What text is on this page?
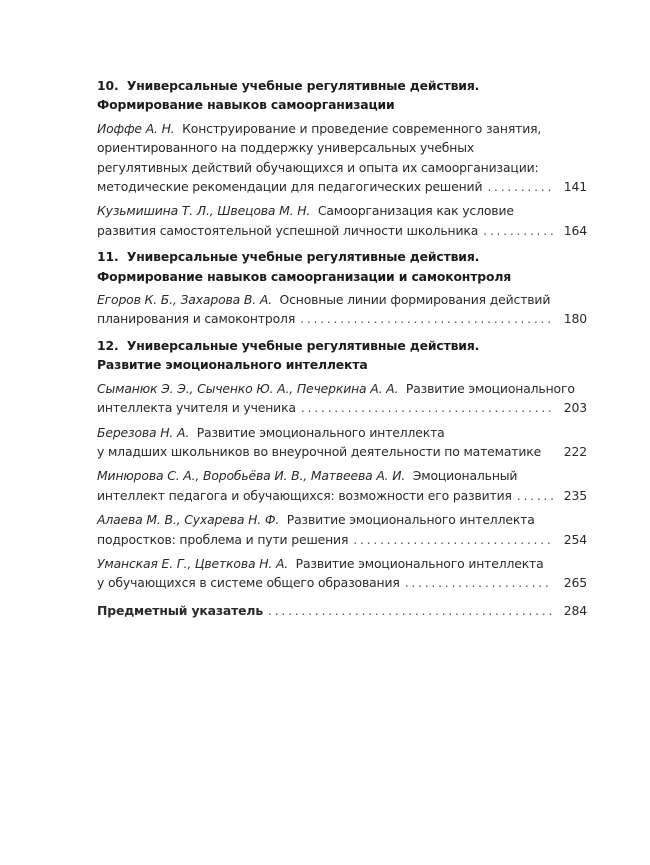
10. Универсальные учебные регулятивные действия.
Формирование навыков самоорганизации
Иоффе А. Н. Конструирование и проведение современного занятия,
ориентированного на поддержку универсальных учебных
регулятивных действий обучающихся и опыта их самоорганизации:
методические рекомендации для педагогических решений . . .	141
Кузьмишина Т. Л., Швецова М. Н. Самоорганизация как условие
развития самостоятельной успешной личности школьника . . .	164
11. Универсальные учебные регулятивные действия.
Формирование навыков самоорганизации и самоконтроля
Егоров К. Б., Захарова В. А. Основные линии формирования действий
планирования и самоконтроля . . .	180
12. Универсальные учебные регулятивные действия.
Развитие эмоционального интеллекта
Сыманюк Э. Э., Сыченко Ю. А., Печеркина А. А. Развитие эмоционального
интеллекта учителя и ученика . . .	203
Березова Н. А. Развитие эмоционального интеллекта
у младших школьников во внеурочной деятельности по математике	222
Минюрова С. А., Воробьёва И. В., Матвеева А. И. Эмоциональный
интеллект педагога и обучающихся: возможности его развития . . .	235
Алаева М. В., Сухарева Н. Ф. Развитие эмоционального интеллекта
подростков: проблема и пути решения . . .	254
Уманская Е. Г., Цветкова Н. А. Развитие эмоционального интеллекта
у обучающихся в системе общего образования . . .	265
Предметный указатель . . .	284
